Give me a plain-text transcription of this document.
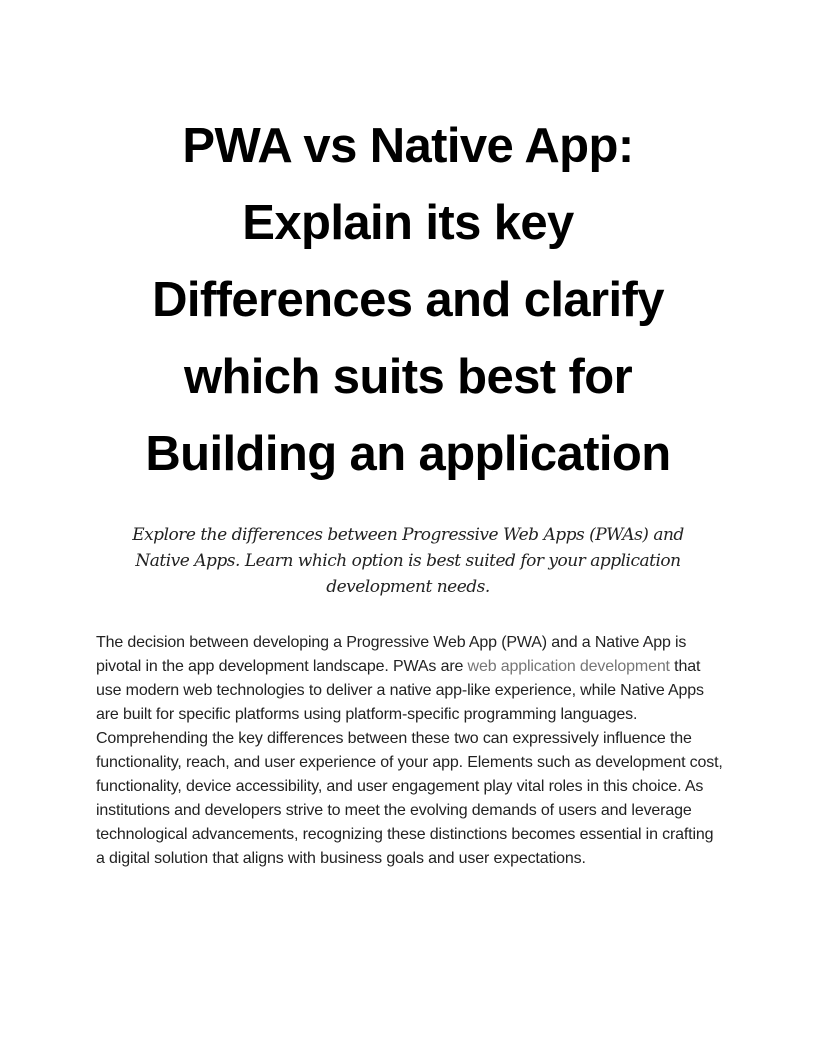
PWA vs Native App:
Explain its key
Differences and clarify
which suits best for
Building an application

Explore the differences between Progressive Web Apps (PWAs) and
Native Apps. Learn which option is best suited for your application
development needs.

The decision between developing a Progressive Web App (PWA) and a Native App is pivotal in the app development landscape. PWAs are web application development that use modern web technologies to deliver a native app-like experience, while Native Apps are built for specific platforms using platform-specific programming languages. Comprehending the key differences between these two can expressively influence the functionality, reach, and user experience of your app. Elements such as development cost, functionality, device accessibility, and user engagement play vital roles in this choice. As institutions and developers strive to meet the evolving demands of users and leverage technological advancements, recognizing these distinctions becomes essential in crafting a digital solution that aligns with business goals and user expectations.
